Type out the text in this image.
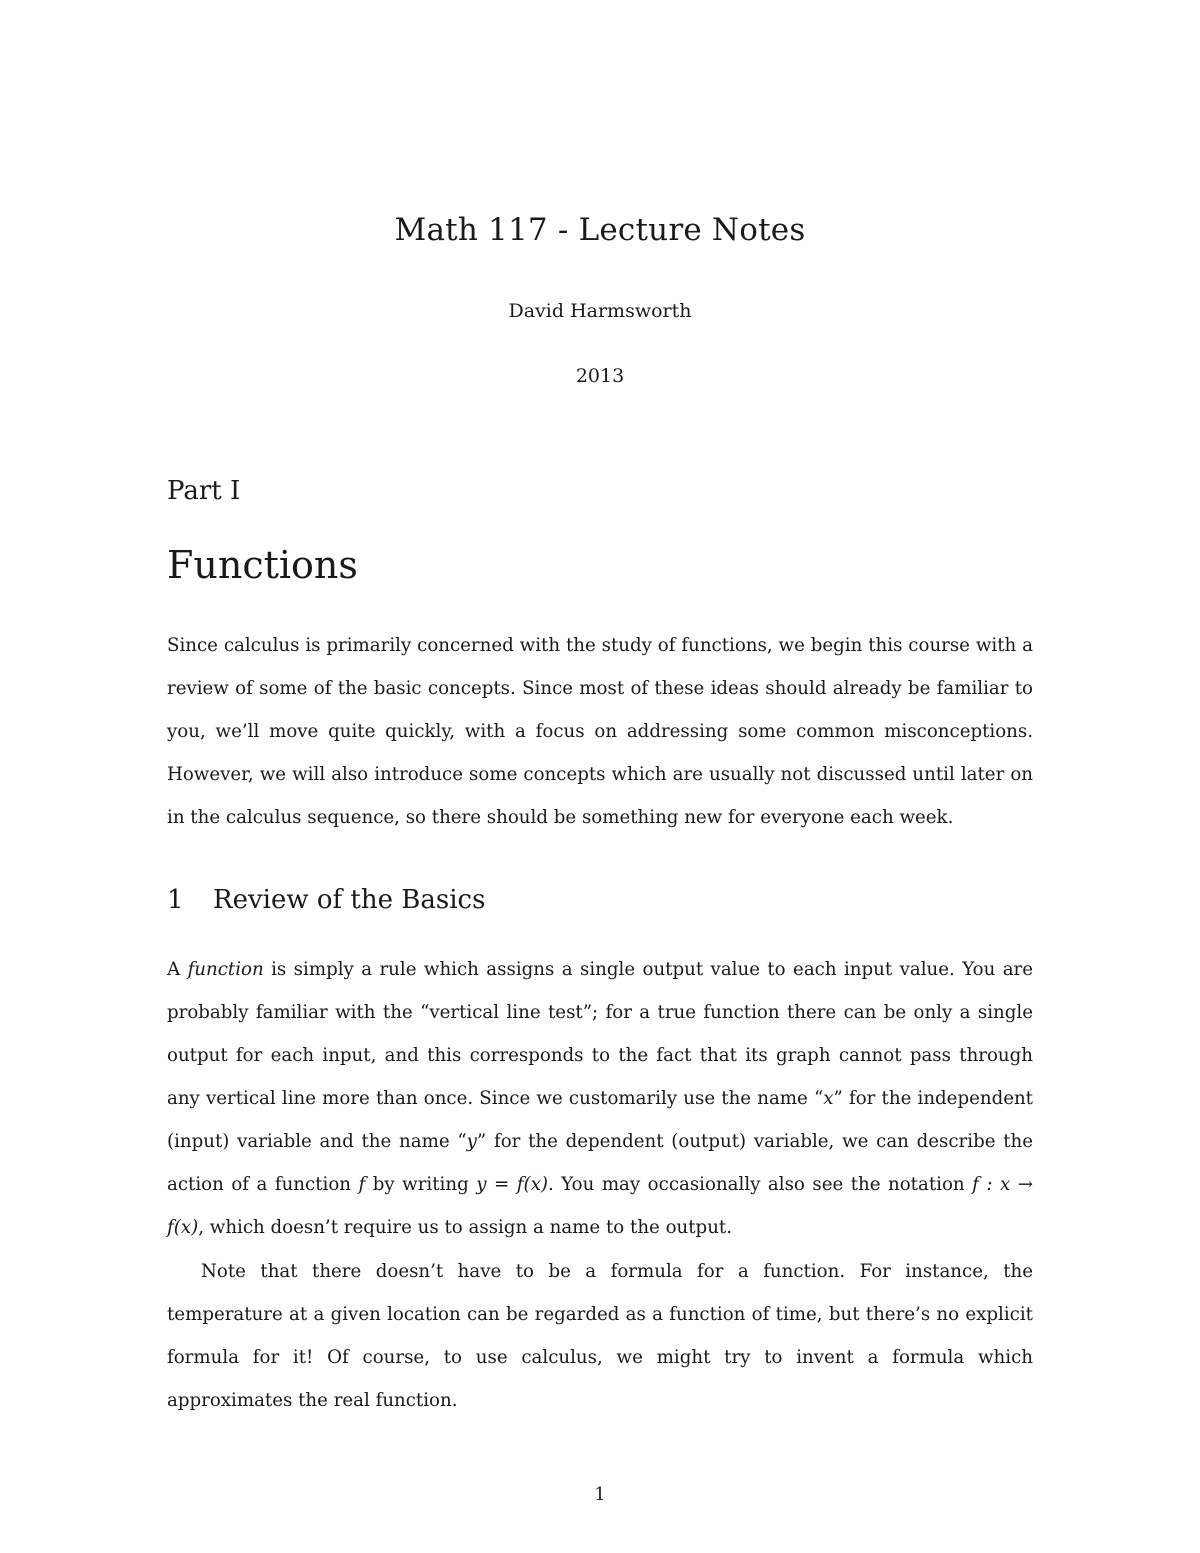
Math 117 - Lecture Notes
David Harmsworth
2013
Part I
Functions

Since calculus is primarily concerned with the study of functions, we begin this course with a review of some of the basic concepts. Since most of these ideas should already be familiar to you, we’ll move quite quickly, with a focus on addressing some common misconceptions. However, we will also introduce some concepts which are usually not discussed until later on in the calculus sequence, so there should be something new for everyone each week.

1 Review of the Basics

A function is simply a rule which assigns a single output value to each input value. You are probably familiar with the “vertical line test”; for a true function there can be only a single output for each input, and this corresponds to the fact that its graph cannot pass through any vertical line more than once. Since we customarily use the name “x” for the independent (input) variable and the name “y” for the dependent (output) variable, we can describe the action of a function f by writing y = f(x). You may occasionally also see the notation f : x → f(x), which doesn’t require us to assign a name to the output.

Note that there doesn’t have to be a formula for a function. For instance, the temperature at a given location can be regarded as a function of time, but there’s no explicit formula for it! Of course, to use calculus, we might try to invent a formula which approximates the real function.

1
